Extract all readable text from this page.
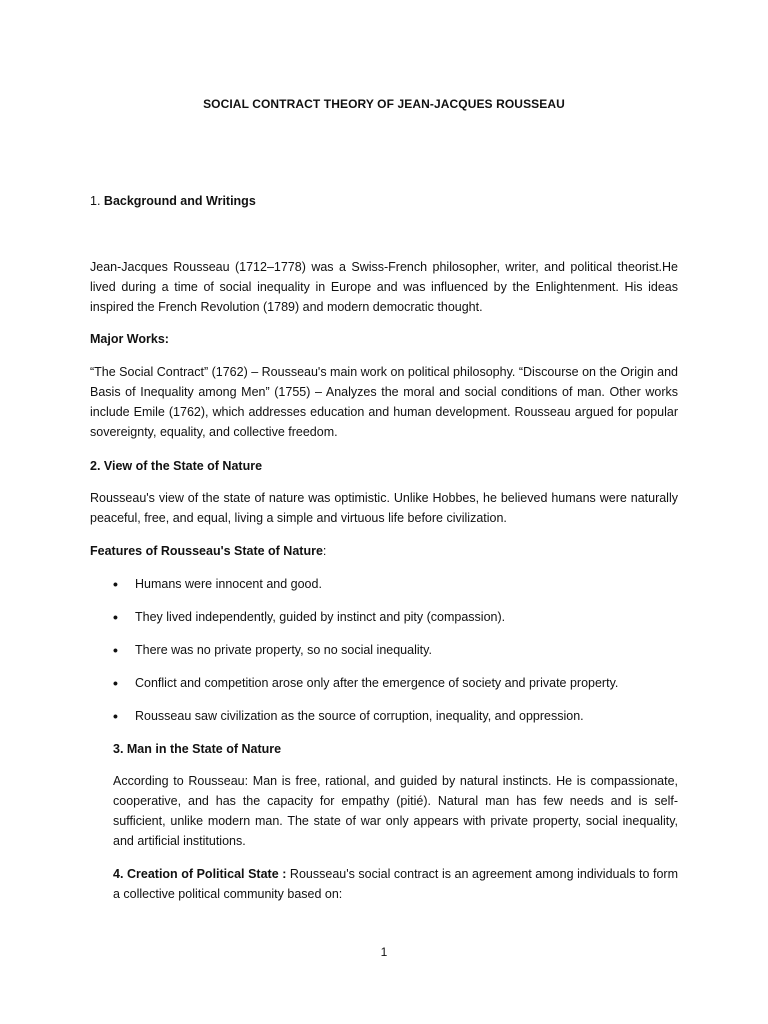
SOCIAL CONTRACT THEORY OF JEAN-JACQUES ROUSSEAU

1. Background and Writings

Jean-Jacques Rousseau (1712–1778) was a Swiss-French philosopher, writer, and political theorist.He lived during a time of social inequality in Europe and was influenced by the Enlightenment. His ideas inspired the French Revolution (1789) and modern democratic thought.

Major Works:

“The Social Contract” (1762) – Rousseau's main work on political philosophy. “Discourse on the Origin and Basis of Inequality among Men” (1755) – Analyzes the moral and social conditions of man. Other works include Emile (1762), which addresses education and human development. Rousseau argued for popular sovereignty, equality, and collective freedom.

2. View of the State of Nature

Rousseau's view of the state of nature was optimistic. Unlike Hobbes, he believed humans were naturally peaceful, free, and equal, living a simple and virtuous life before civilization.

Features of Rousseau's State of Nature:

•	Humans were innocent and good.
•	They lived independently, guided by instinct and pity (compassion).
•	There was no private property, so no social inequality.
•	Conflict and competition arose only after the emergence of society and private property.
•	Rousseau saw civilization as the source of corruption, inequality, and oppression.

3. Man in the State of Nature

According to Rousseau: Man is free, rational, and guided by natural instincts. He is compassionate, cooperative, and has the capacity for empathy (pitié). Natural man has few needs and is self-sufficient, unlike modern man. The state of war only appears with private property, social inequality, and artificial institutions.

4. Creation of Political State : Rousseau's social contract is an agreement among individuals to form a collective political community based on:

1
